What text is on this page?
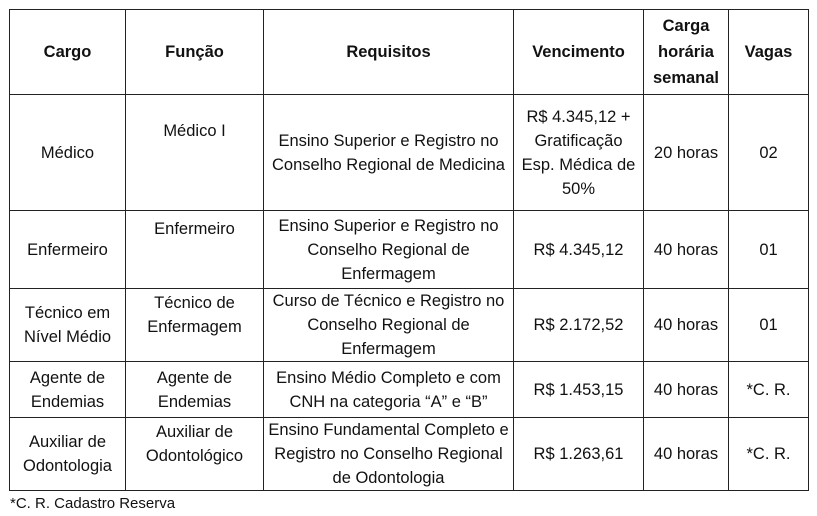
Cargo	Função	Requisitos	Vencimento	Carga horária semanal	Vagas
Médico	Médico I	Ensino Superior e Registro no Conselho Regional de Medicina	R$ 4.345,12 + Gratificação Esp. Médica de 50%	20 horas	02
Enfermeiro	Enfermeiro	Ensino Superior e Registro no Conselho Regional de Enfermagem	R$ 4.345,12	40 horas	01
Técnico em Nível Médio	Técnico de Enfermagem	Curso de Técnico e Registro no Conselho Regional de Enfermagem	R$ 2.172,52	40 horas	01
Agente de Endemias	Agente de Endemias	Ensino Médio Completo e com CNH na categoria “A” e “B”	R$ 1.453,15	40 horas	*C. R.
Auxiliar de Odontologia	Auxiliar de Odontológico	Ensino Fundamental Completo e Registro no Conselho Regional de Odontologia	R$ 1.263,61	40 horas	*C. R.
*C. R. Cadastro Reserva
